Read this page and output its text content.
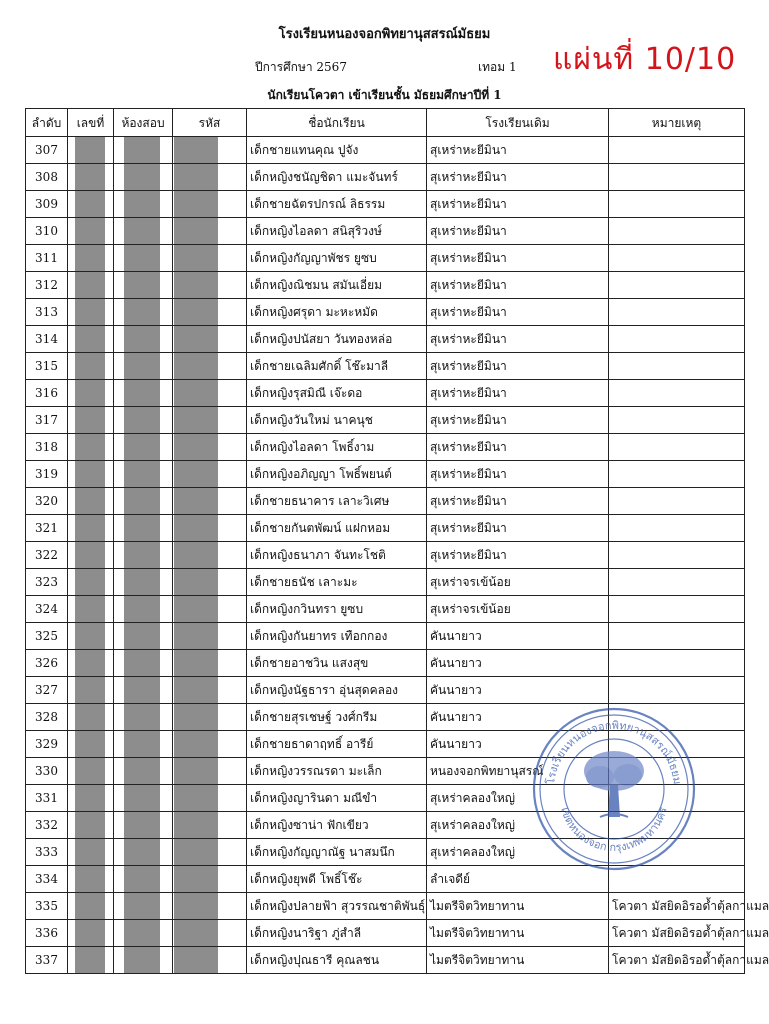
โรงเรียนหนองจอกพิทยานุสสรณ์มัธยม
ปีการศึกษา 2567	เทอม 1 แผ่นที่ 10/10
นักเรียนโควตา เข้าเรียนชั้น มัธยมศึกษาปีที่ 1
ลำดับ	เลขที่	ห้องสอบ	รหัส	ชื่อนักเรียน	โรงเรียนเดิม	หมายเหตุ
307				เด็กชายแทนคุณ ปูจัง	สุเหร่าหะยีมินา	
308				เด็กหญิงชนัญชิดา แมะจันทร์	สุเหร่าหะยีมินา	
309				เด็กชายฉัตรปกรณ์ ลิธรรม	สุเหร่าหะยีมินา	
310				เด็กหญิงไอลดา สนิสุริวงษ์	สุเหร่าหะยีมินา	
311				เด็กหญิงกัญญาพัชร ยูซบ	สุเหร่าหะยีมินา	
312				เด็กหญิงณิชมน สมันเอี่ยม	สุเหร่าหะยีมินา	
313				เด็กหญิงศรุดา มะหะหมัด	สุเหร่าหะยีมินา	
314				เด็กหญิงปนัสยา วันทองหล่อ	สุเหร่าหะยีมินา	
315				เด็กชายเฉลิมศักดิ์ โช๊ะมาลี	สุเหร่าหะยีมินา	
316				เด็กหญิงรุสมิณี เจ๊ะดอ	สุเหร่าหะยีมินา	
317				เด็กหญิงวันใหม่ นาคนุช	สุเหร่าหะยีมินา	
318				เด็กหญิงไอลดา โพธิ์งาม	สุเหร่าหะยีมินา	
319				เด็กหญิงอภิญญา โพธิ์พยนต์	สุเหร่าหะยีมินา	
320				เด็กชายธนาคาร เลาะวิเศษ	สุเหร่าหะยีมินา	
321				เด็กชายกันตพัฒน์ แฝกหอม	สุเหร่าหะยีมินา	
322				เด็กหญิงธนาภา จันทะโชติ	สุเหร่าหะยีมินา	
323				เด็กชายธนัช เลาะมะ	สุเหร่าจรเข้น้อย	
324				เด็กหญิงกวินทรา ยูซบ	สุเหร่าจรเข้น้อย	
325				เด็กหญิงกันยาทร เทือกกอง	คันนายาว	
326				เด็กชายอาชวิน แสงสุข	คันนายาว	
327				เด็กหญิงนัฐธารา อุ่นสุดคลอง	คันนายาว	
328				เด็กชายสุรเชษฐ์ วงศ์กรีม	คันนายาว	
329				เด็กชายธาดาฤทธิ์ อารีย์	คันนายาว	
330				เด็กหญิงวรรณรดา มะเล็ก	หนองจอกพิทยานุสรณ์	
331				เด็กหญิงญารินดา มณีขำ	สุเหร่าคลองใหญ่	
332				เด็กหญิงซาน่า ฟักเขียว	สุเหร่าคลองใหญ่	
333				เด็กหญิงกัญญาณัฐ นาสมนึก	สุเหร่าคลองใหญ่	
334				เด็กหญิงยุพดี โพธิ์โช๊ะ	ลำเจดีย์	
335				เด็กหญิงปลายฟ้า สุวรรณชาติพันธุ์	ไมตรีจิตวิทยาทาน	โควตา มัสยิดอิรอด้ำตุ้ลกาแมล
336				เด็กหญิงนาริฐา ภู่สำลี	ไมตรีจิตวิทยาทาน	โควตา มัสยิดอิรอด้ำตุ้ลกาแมล
337				เด็กหญิงปุณธารี คุณลชน	ไมตรีจิตวิทยาทาน	โควตา มัสยิดอิรอด้ำตุ้ลกาแมล
โรงเรียนหนองจอกพิทยานุสสรณ์มัธยม
เขตหนองจอก กรุงเทพมหานคร
